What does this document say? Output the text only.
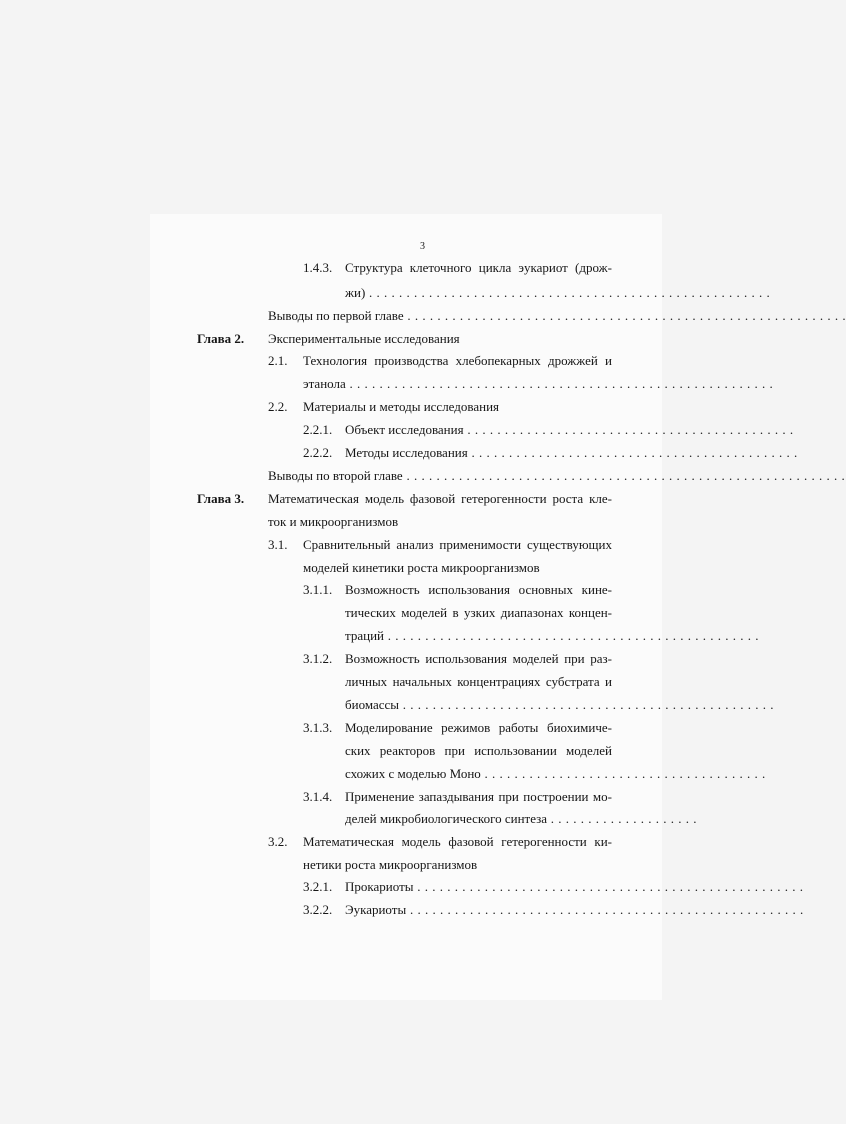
3
1.4.3. Структура клеточного цикла эукариот (дрож-
жи) . . . . . . . . . . . . . . . . . . . . . . . . . . . . . . . . . . . . . . . . . . . . . . . . . . . . . .
Выводы по первой главе . . . . . . . . . . . . . . . . . . . . . . . . . . . . . . . . . . . . . . . . . . . . . . . . . . . . . . . . . . .
Глава 2. Экспериментальные исследования
2.1. Технология производства хлебопекарных дрожжей и
этанола . . . . . . . . . . . . . . . . . . . . . . . . . . . . . . . . . . . . . . . . . . . . . . . . . . . . . . . . .
2.2. Материалы и методы исследования
2.2.1. Объект исследования . . . . . . . . . . . . . . . . . . . . . . . . . . . . . . . . . . . . . . . . . . . .
2.2.2. Методы исследования . . . . . . . . . . . . . . . . . . . . . . . . . . . . . . . . . . . . . . . . . . . .
Выводы по второй главе . . . . . . . . . . . . . . . . . . . . . . . . . . . . . . . . . . . . . . . . . . . . . . . . . . . . . . . . . . .
Глава 3. Математическая модель фазовой гетерогенности роста кле-
ток и микроорганизмов
3.1. Сравнительный анализ применимости существующих
моделей кинетики роста микроорганизмов
3.1.1. Возможность использования основных кине-
тических моделей в узких диапазонах концен-
траций . . . . . . . . . . . . . . . . . . . . . . . . . . . . . . . . . . . . . . . . . . . . . . . . . .
3.1.2. Возможность использования моделей при раз-
личных начальных концентрациях субстрата и
биомассы . . . . . . . . . . . . . . . . . . . . . . . . . . . . . . . . . . . . . . . . . . . . . . . . . .
3.1.3. Моделирование режимов работы биохимиче-
ских реакторов при использовании моделей
схожих с моделью Моно . . . . . . . . . . . . . . . . . . . . . . . . . . . . . . . . . . . . . .
3.1.4. Применение запаздывания при построении мо-
делей микробиологического синтеза . . . . . . . . . . . . . . . . . . . .
3.2. Математическая модель фазовой гетерогенности ки-
нетики роста микроорганизмов
3.2.1. Прокариоты . . . . . . . . . . . . . . . . . . . . . . . . . . . . . . . . . . . . . . . . . . . . . . . . . . . .
3.2.2. Эукариоты . . . . . . . . . . . . . . . . . . . . . . . . . . . . . . . . . . . . . . . . . . . . . . . . . . . . .
